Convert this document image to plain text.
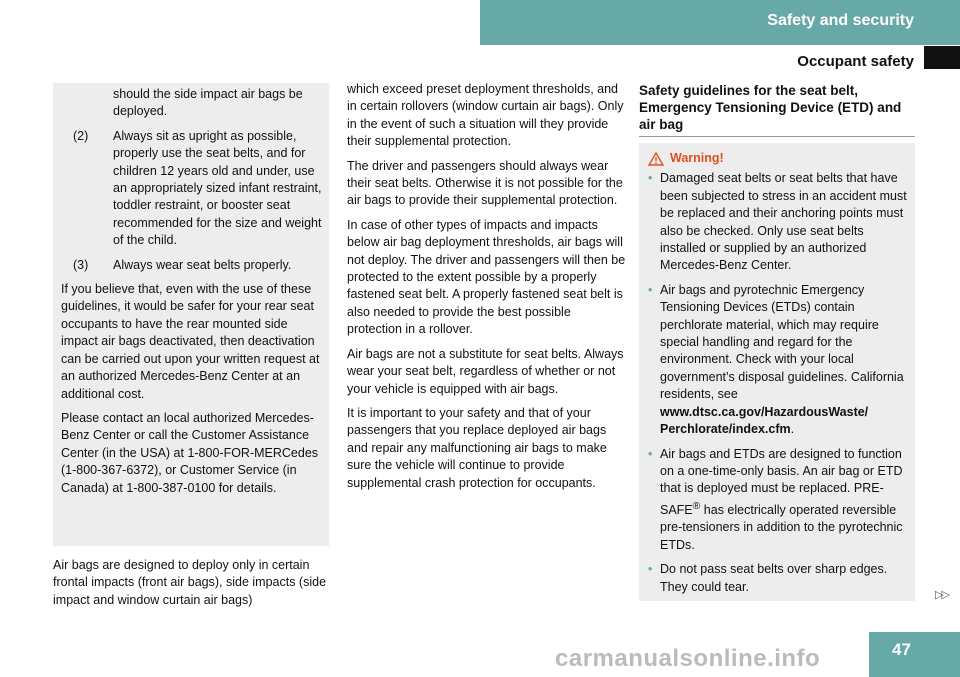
Safety and security
Occupant safety
should the side impact air bags be deployed.
(2)	Always sit as upright as possible, properly use the seat belts, and for children 12 years old and under, use an appropriately sized infant restraint, toddler restraint, or booster seat recommended for the size and weight of the child.
(3)	Always wear seat belts properly.

If you believe that, even with the use of these guidelines, it would be safer for your rear seat occupants to have the rear mounted side impact air bags deactivated, then deactivation can be carried out upon your written request at an authorized Mercedes-Benz Center at an additional cost.

Please contact an local authorized Mercedes-Benz Center or call the Customer Assistance Center (in the USA) at 1-800-FOR-MERCedes (1-800-367-6372), or Customer Service (in Canada) at 1-800-387-0100 for details.

Air bags are designed to deploy only in certain frontal impacts (front air bags), side impacts (side impact and window curtain air bags)

which exceed preset deployment thresholds, and in certain rollovers (window curtain air bags). Only in the event of such a situation will they provide their supplemental protection.

The driver and passengers should always wear their seat belts. Otherwise it is not possible for the air bags to provide their supplemental protection.

In case of other types of impacts and impacts below air bag deployment thresholds, air bags will not deploy. The driver and passengers will then be protected to the extent possible by a properly fastened seat belt. A properly fastened seat belt is also needed to provide the best possible protection in a rollover.

Air bags are not a substitute for seat belts. Always wear your seat belt, regardless of whether or not your vehicle is equipped with air bags.

It is important to your safety and that of your passengers that you replace deployed air bags and repair any malfunctioning air bags to make sure the vehicle will continue to provide supplemental crash protection for occupants.

Safety guidelines for the seat belt, Emergency Tensioning Device (ETD) and air bag
Warning!
• Damaged seat belts or seat belts that have been subjected to stress in an accident must be replaced and their anchoring points must also be checked. Only use seat belts installed or supplied by an authorized Mercedes-Benz Center.
• Air bags and pyrotechnic Emergency Tensioning Devices (ETDs) contain perchlorate material, which may require special handling and regard for the environment. Check with your local government’s disposal guidelines. California residents, see www.dtsc.ca.gov/HazardousWaste/ Perchlorate/index.cfm.
• Air bags and ETDs are designed to function on a one-time-only basis. An air bag or ETD that is deployed must be replaced. PRE-SAFE® has electrically operated reversible pre-tensioners in addition to the pyrotechnic ETDs.
• Do not pass seat belts over sharp edges. They could tear.
▷▷
carmanualsonline.info	47
